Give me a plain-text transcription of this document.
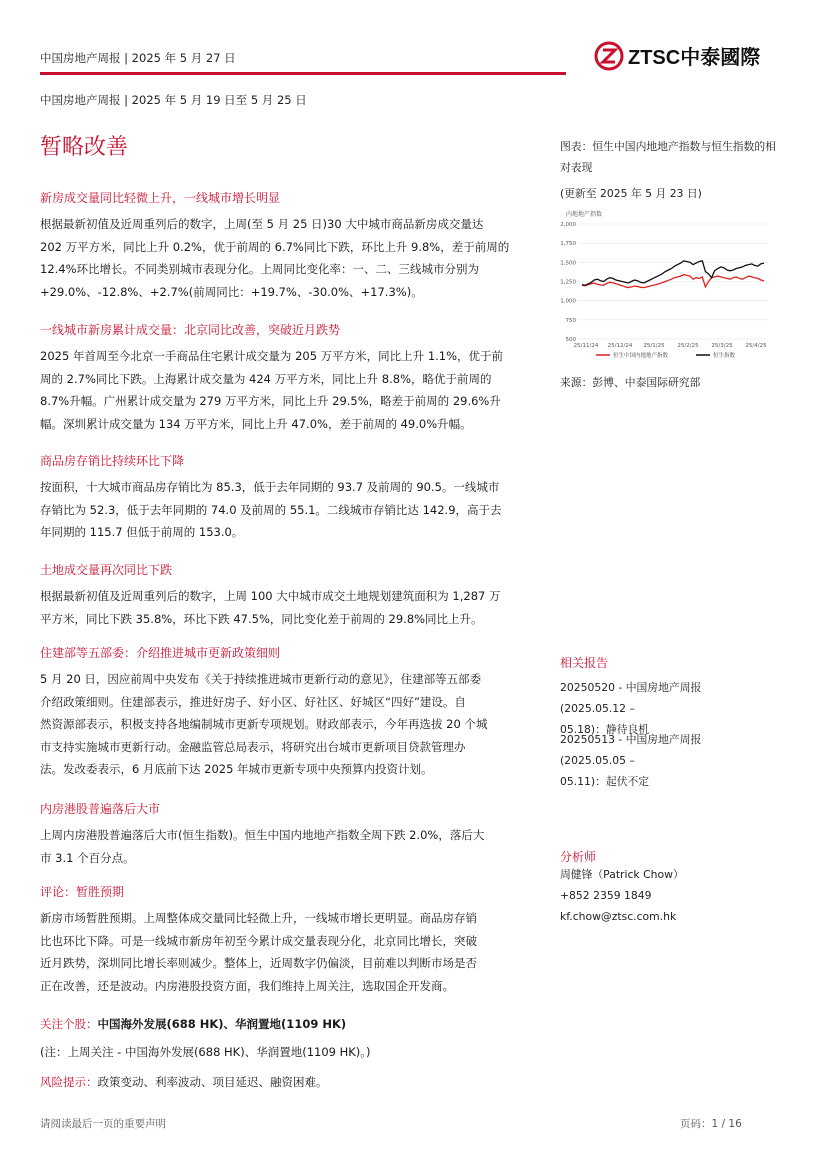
中国房地产周报 | 2025 年 5 月 27 日	ZTSC中泰國際
中国房地产周报 | 2025 年 5 月 19 日至 5 月 25 日
暂略改善
新房成交量同比轻微上升，一线城市增长明显
根据最新初值及近周重列后的数字，上周(至 5 月 25 日)30 大中城市商品新房成交量达
202 万平方米，同比上升 0.2%，优于前周的 6.7%同比下跌，环比上升 9.8%，差于前周的
12.4%环比增长。不同类别城市表现分化。上周同比变化率：一、二、三线城市分别为
+29.0%、-12.8%、+2.7%(前周同比：+19.7%、-30.0%、+17.3%)。
一线城市新房累计成交量：北京同比改善，突破近月跌势
2025 年首周至今北京一手商品住宅累计成交量为 205 万平方米，同比上升 1.1%，优于前
周的 2.7%同比下跌。上海累计成交量为 424 万平方米，同比上升 8.8%，略优于前周的
8.7%升幅。广州累计成交量为 279 万平方米，同比上升 29.5%，略差于前周的 29.6%升
幅。深圳累计成交量为 134 万平方米，同比上升 47.0%，差于前周的 49.0%升幅。
商品房存销比持续环比下降
按面积，十大城市商品房存销比为 85.3，低于去年同期的 93.7 及前周的 90.5。一线城市
存销比为 52.3，低于去年同期的 74.0 及前周的 55.1。二线城市存销比达 142.9，高于去
年同期的 115.7 但低于前周的 153.0。
土地成交量再次同比下跌
根据最新初值及近周重列后的数字，上周 100 大中城市成交土地规划建筑面积为 1,287 万
平方米，同比下跌 35.8%，环比下跌 47.5%，同比变化差于前周的 29.8%同比上升。
住建部等五部委：介绍推进城市更新政策细则
5 月 20 日，因应前周中央发布《关于持续推进城市更新行动的意见》，住建部等五部委
介绍政策细则。住建部表示，推进好房子、好小区、好社区、好城区“四好”建设。自
然资源部表示，积极支持各地编制城市更新专项规划。财政部表示，今年再选拔 20 个城
市支持实施城市更新行动。金融监管总局表示，将研究出台城市更新项目贷款管理办
法。发改委表示，6 月底前下达 2025 年城市更新专项中央预算内投资计划。
内房港股普遍落后大市
上周内房港股普遍落后大市(恒生指数)。恒生中国内地地产指数全周下跌 2.0%，落后大
市 3.1 个百分点。
评论：暂胜预期
新房市场暂胜预期。上周整体成交量同比轻微上升，一线城市增长更明显。商品房存销
比也环比下降。可是一线城市新房年初至今累计成交量表现分化，北京同比增长，突破
近月跌势，深圳同比增长率则减少。整体上，近周数字仍偏淡，目前难以判断市场是否
正在改善，还是波动。内房港股投资方面，我们维持上周关注，选取国企开发商。
关注个股：中国海外发展(688 HK)、华润置地(1109 HK)
(注：上周关注 - 中国海外发展(688 HK)、华润置地(1109 HK)。)
风险提示：政策变动、利率波动、项目延迟、融资困难。
图表：恒生中国内地地产指数与恒生指数的相
对表现
(更新至 2025 年 5 月 23 日)
内地地产指数
2,000
1,750
1,500
1,250
1,000
750
500
25/11/24 25/12/24 25/1/25 25/2/25 25/3/25 25/4/25
恒生中国内地地产指数	恒生指数
来源：彭博、中泰国际研究部
相关报告
20250520 - 中国房地产周报 (2025.05.12 –
05.18)：静待良机
20250513 - 中国房地产周报 (2025.05.05 –
05.11)：起伏不定
分析师
周健锋（Patrick Chow）
+852 2359 1849
kf.chow@ztsc.com.hk
请阅读最后一页的重要声明	页码：1 / 16
